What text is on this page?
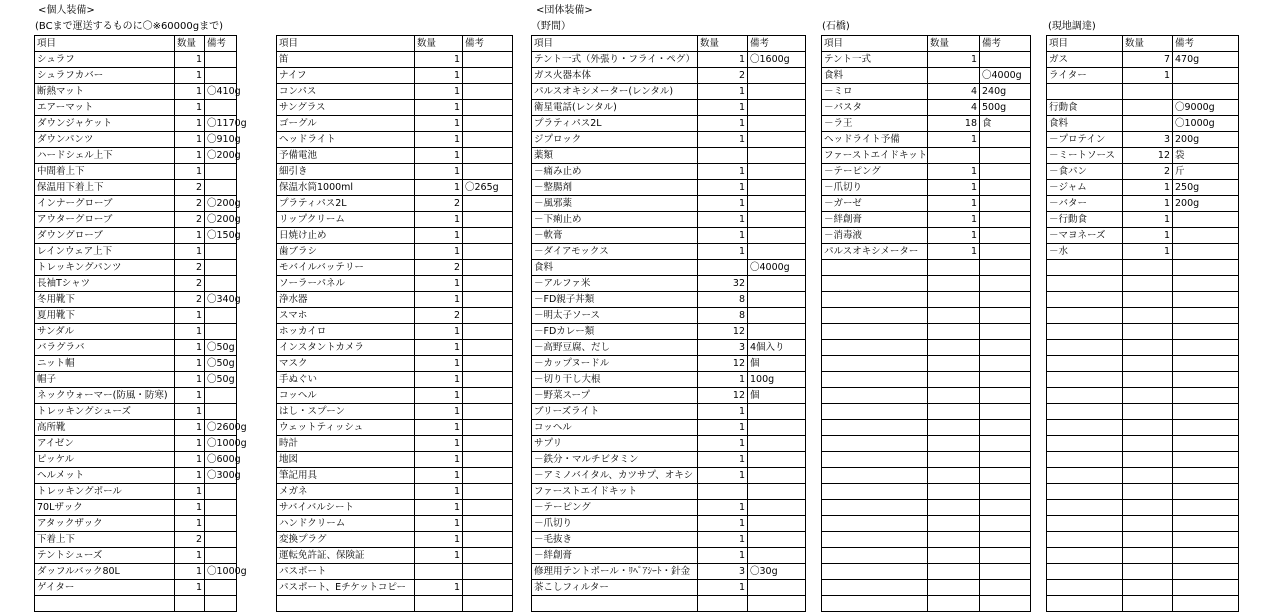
<個人装備>
(BCまで運送するものに〇※60000gまで)
<団体装備>
（野間）	(石橋)	(現地調達)
項目	数量	備考
シュラフ	1	
シュラフカバー	1	
断熱マット	1	〇410g
エアーマット	1	
ダウンジャケット	1	〇1170g
ダウンパンツ	1	〇910g
ハードシェル上下	1	〇200g
中間着上下	1	
保温用下着上下	2	
インナーグローブ	2	〇200g
アウターグローブ	2	〇200g
ダウングローブ	1	〇150g
レインウェア上下	1	
トレッキングパンツ	2	
長袖Tシャツ	2	
冬用靴下	2	〇340g
夏用靴下	1	
サンダル	1	
バラグラバ	1	〇50g
ニット帽	1	〇50g
帽子	1	〇50g
ネックウォーマー(防風・防寒)	1	
トレッキングシューズ	1	
高所靴	1	〇2600g
アイゼン	1	〇1000g
ピッケル	1	〇600g
ヘルメット	1	〇300g
トレッキングポール	1	
70Lザック	1	
アタックザック	1	
下着上下	2	
テントシューズ	1	
ダッフルバック80L	1	〇1000g
ゲイター	1	

項目	数量	備考
笛	1	
ナイフ	1	
コンパス	1	
サングラス	1	
ゴーグル	1	
ヘッドライト	1	
予備電池	1	
細引き	1	
保温水筒1000ml	1	〇265g
プラティパス2L	2	
リップクリーム	1	
日焼け止め	1	
歯ブラシ	1	
モバイルバッテリー	2	
ソーラーパネル	1	
浄水器	1	
スマホ	2	
ホッカイロ	1	
インスタントカメラ	1	
マスク	1	
手ぬぐい	1	
コッヘル	1	
はし・スプーン	1	
ウェットティッシュ	1	
時計	1	
地図	1	
筆記用具	1	
メガネ	1	
サバイバルシート	1	
ハンドクリーム	1	
変換プラグ	1	
運転免許証、保険証	1	
パスポート		
パスポート、Eチケットコピー	1	

項目	数量	備考
テント一式（外張り・フライ・ペグ）	1	〇1600g
ガス火器本体	2	
パルスオキシメーター(レンタル)	1	
衛星電話(レンタル)	1	
プラティパス2L	1	
ジプロック	1	
薬類		
－痛み止め	1	
－整腸剤	1	
－風邪薬	1	
－下痢止め	1	
－軟膏	1	
－ダイアモックス	1	
食料		〇4000g
－アルファ米	32	
－FD親子丼類	8	
－明太子ソース	8	
－FDカレー類	12	
－高野豆腐、だし	3	4個入り
－カップヌードル	12	個
－切り干し大根	1	100g
－野菜スープ	12	個
ブリーズライト	1	
コッヘル	1	
サプリ	1	
－鉄分・マルチビタミン	1	
－アミノバイタル、カツサプ、オキシ	1	
ファーストエイドキット		
－テーピング	1	
－爪切り	1	
－毛抜き	1	
－絆創膏	1	
修理用テントポール・ﾘﾍﾟｱｼｰﾄ・針金	3	〇30g
茶こしフィルター	1	

項目	数量	備考
テント一式	1	
食料		〇4000g
－ミロ	4	240g
－パスタ	4	500g
－ラ王	18	食
ヘッドライト予備	1	
ファーストエイドキット		
－テーピング	1	
－爪切り	1	
－ガーゼ	1	
－絆創膏	1	
－消毒液	1	
パルスオキシメーター	1	

項目	数量	備考
ガス	7	470g
ライター	1	

行動食		〇9000g
食料		〇1000g
－プロテイン	3	200g
－ミートソース	12	袋
－食パン	2	斤
－ジャム	1	250g
－バター	1	200g
－行動食	1	
－マヨネーズ	1	
－水	1	
